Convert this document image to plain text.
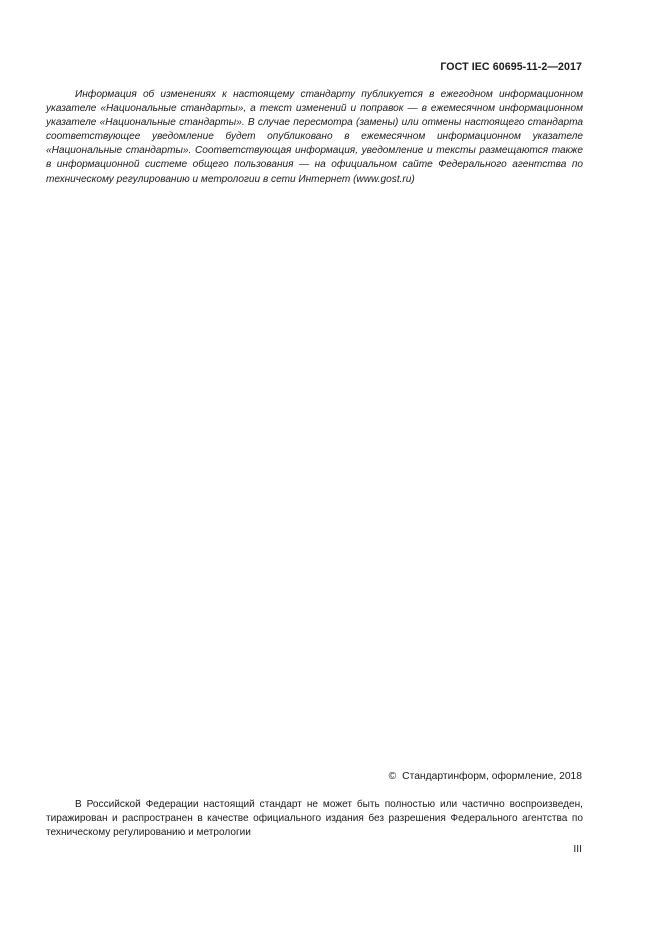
ГОСТ IEC 60695-11-2—2017

Информация об изменениях к настоящему стандарту публикуется в ежегодном информационном указателе «Национальные стандарты», а текст изменений и поправок — в ежемесячном информационном указателе «Национальные стандарты». В случае пересмотра (замены) или отмены настоящего стандарта соответствующее уведомление будет опубликовано в ежемесячном информационном указателе «Национальные стандарты». Соответствующая информация, уведомление и тексты размещаются также в информационной системе общего пользования — на официальном сайте Федерального агентства по техническому регулированию и метрологии в сети Интернет (www.gost.ru)

© Стандартинформ, оформление, 2018

В Российской Федерации настоящий стандарт не может быть полностью или частично воспроизведен, тиражирован и распространен в качестве официального издания без разрешения Федерального агентства по техническому регулированию и метрологии

III
